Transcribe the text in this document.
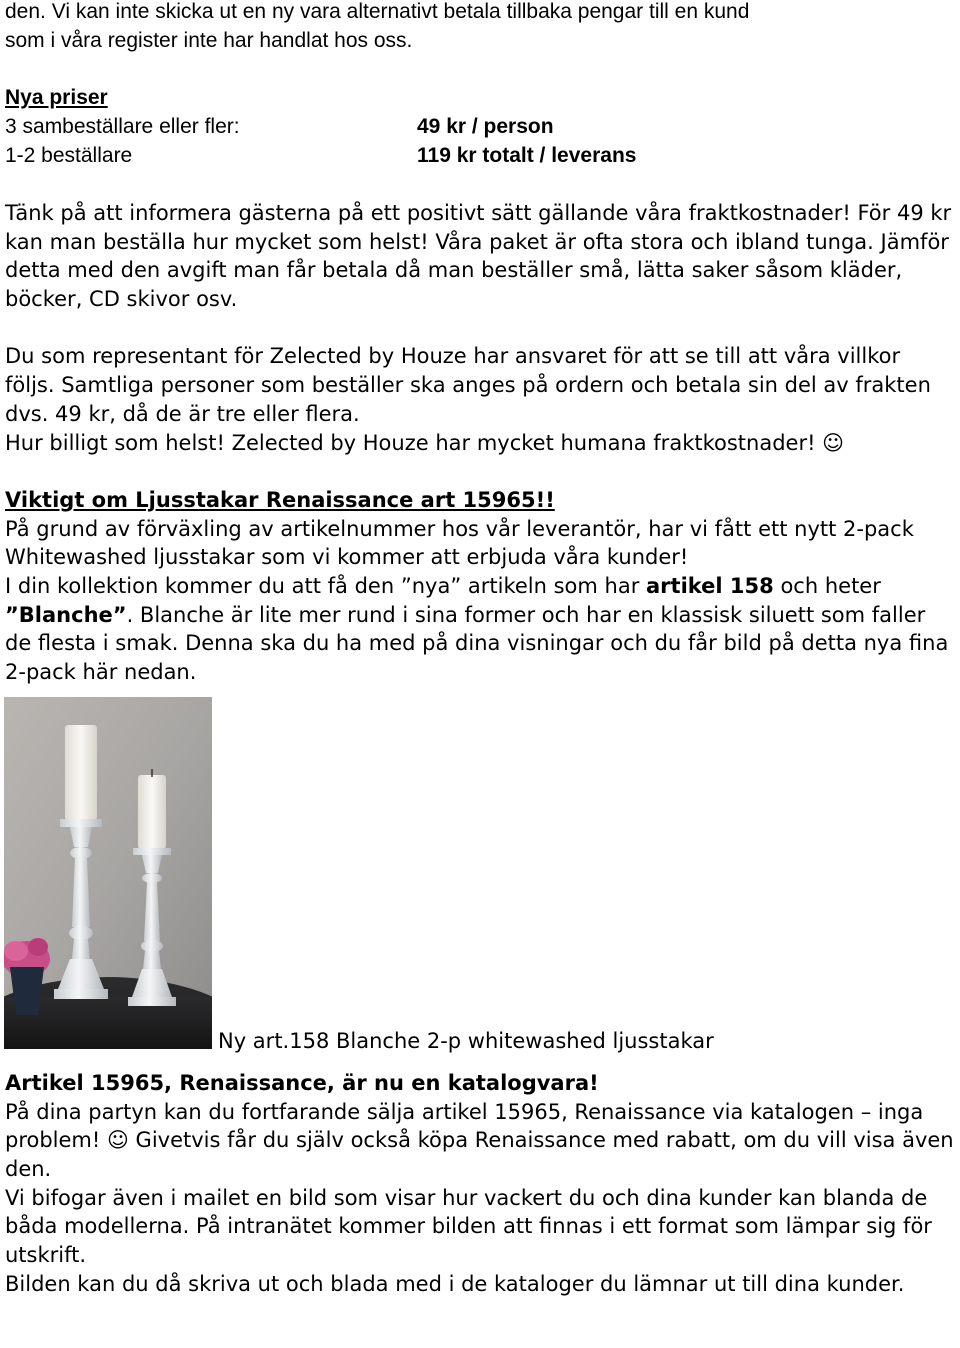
den. Vi kan inte skicka ut en ny vara alternativt betala tillbaka pengar till en kund

som i våra register inte har handlat hos oss.

Nya priser

3 sambeställare eller fler:	49 kr / person
1-2 beställare	119 kr totalt / leverans

Tänk på att informera gästerna på ett positivt sätt gällande våra fraktkostnader! För 49 kr kan man beställa hur mycket som helst! Våra paket är ofta stora och ibland tunga. Jämför detta med den avgift man får betala då man beställer små, lätta saker såsom kläder, böcker, CD skivor osv.

Du som representant för Zelected by Houze har ansvaret för att se till att våra villkor följs. Samtliga personer som beställer ska anges på ordern och betala sin del av frakten dvs. 49 kr, då de är tre eller flera.

Hur billigt som helst! Zelected by Houze har mycket humana fraktkostnader! ☺

Viktigt om Ljusstakar Renaissance art 15965!!

På grund av förväxling av artikelnummer hos vår leverantör, har vi fått ett nytt 2-pack Whitewashed ljusstakar som vi kommer att erbjuda våra kunder!

I din kollektion kommer du att få den ”nya” artikeln som har artikel 158 och heter ”Blanche”. Blanche är lite mer rund i sina former och har en klassisk siluett som faller de flesta i smak. Denna ska du ha med på dina visningar och du får bild på detta nya fina 2-pack här nedan.

Ny art.158 Blanche 2-p whitewashed ljusstakar

Artikel 15965, Renaissance, är nu en katalogvara!

På dina partyn kan du fortfarande sälja artikel 15965, Renaissance via katalogen – inga problem! ☺ Givetvis får du själv också köpa Renaissance med rabatt, om du vill visa även den.

Vi bifogar även i mailet en bild som visar hur vackert du och dina kunder kan blanda de båda modellerna. På intranätet kommer bilden att finnas i ett format som lämpar sig för utskrift.

Bilden kan du då skriva ut och blada med i de kataloger du lämnar ut till dina kunder.
